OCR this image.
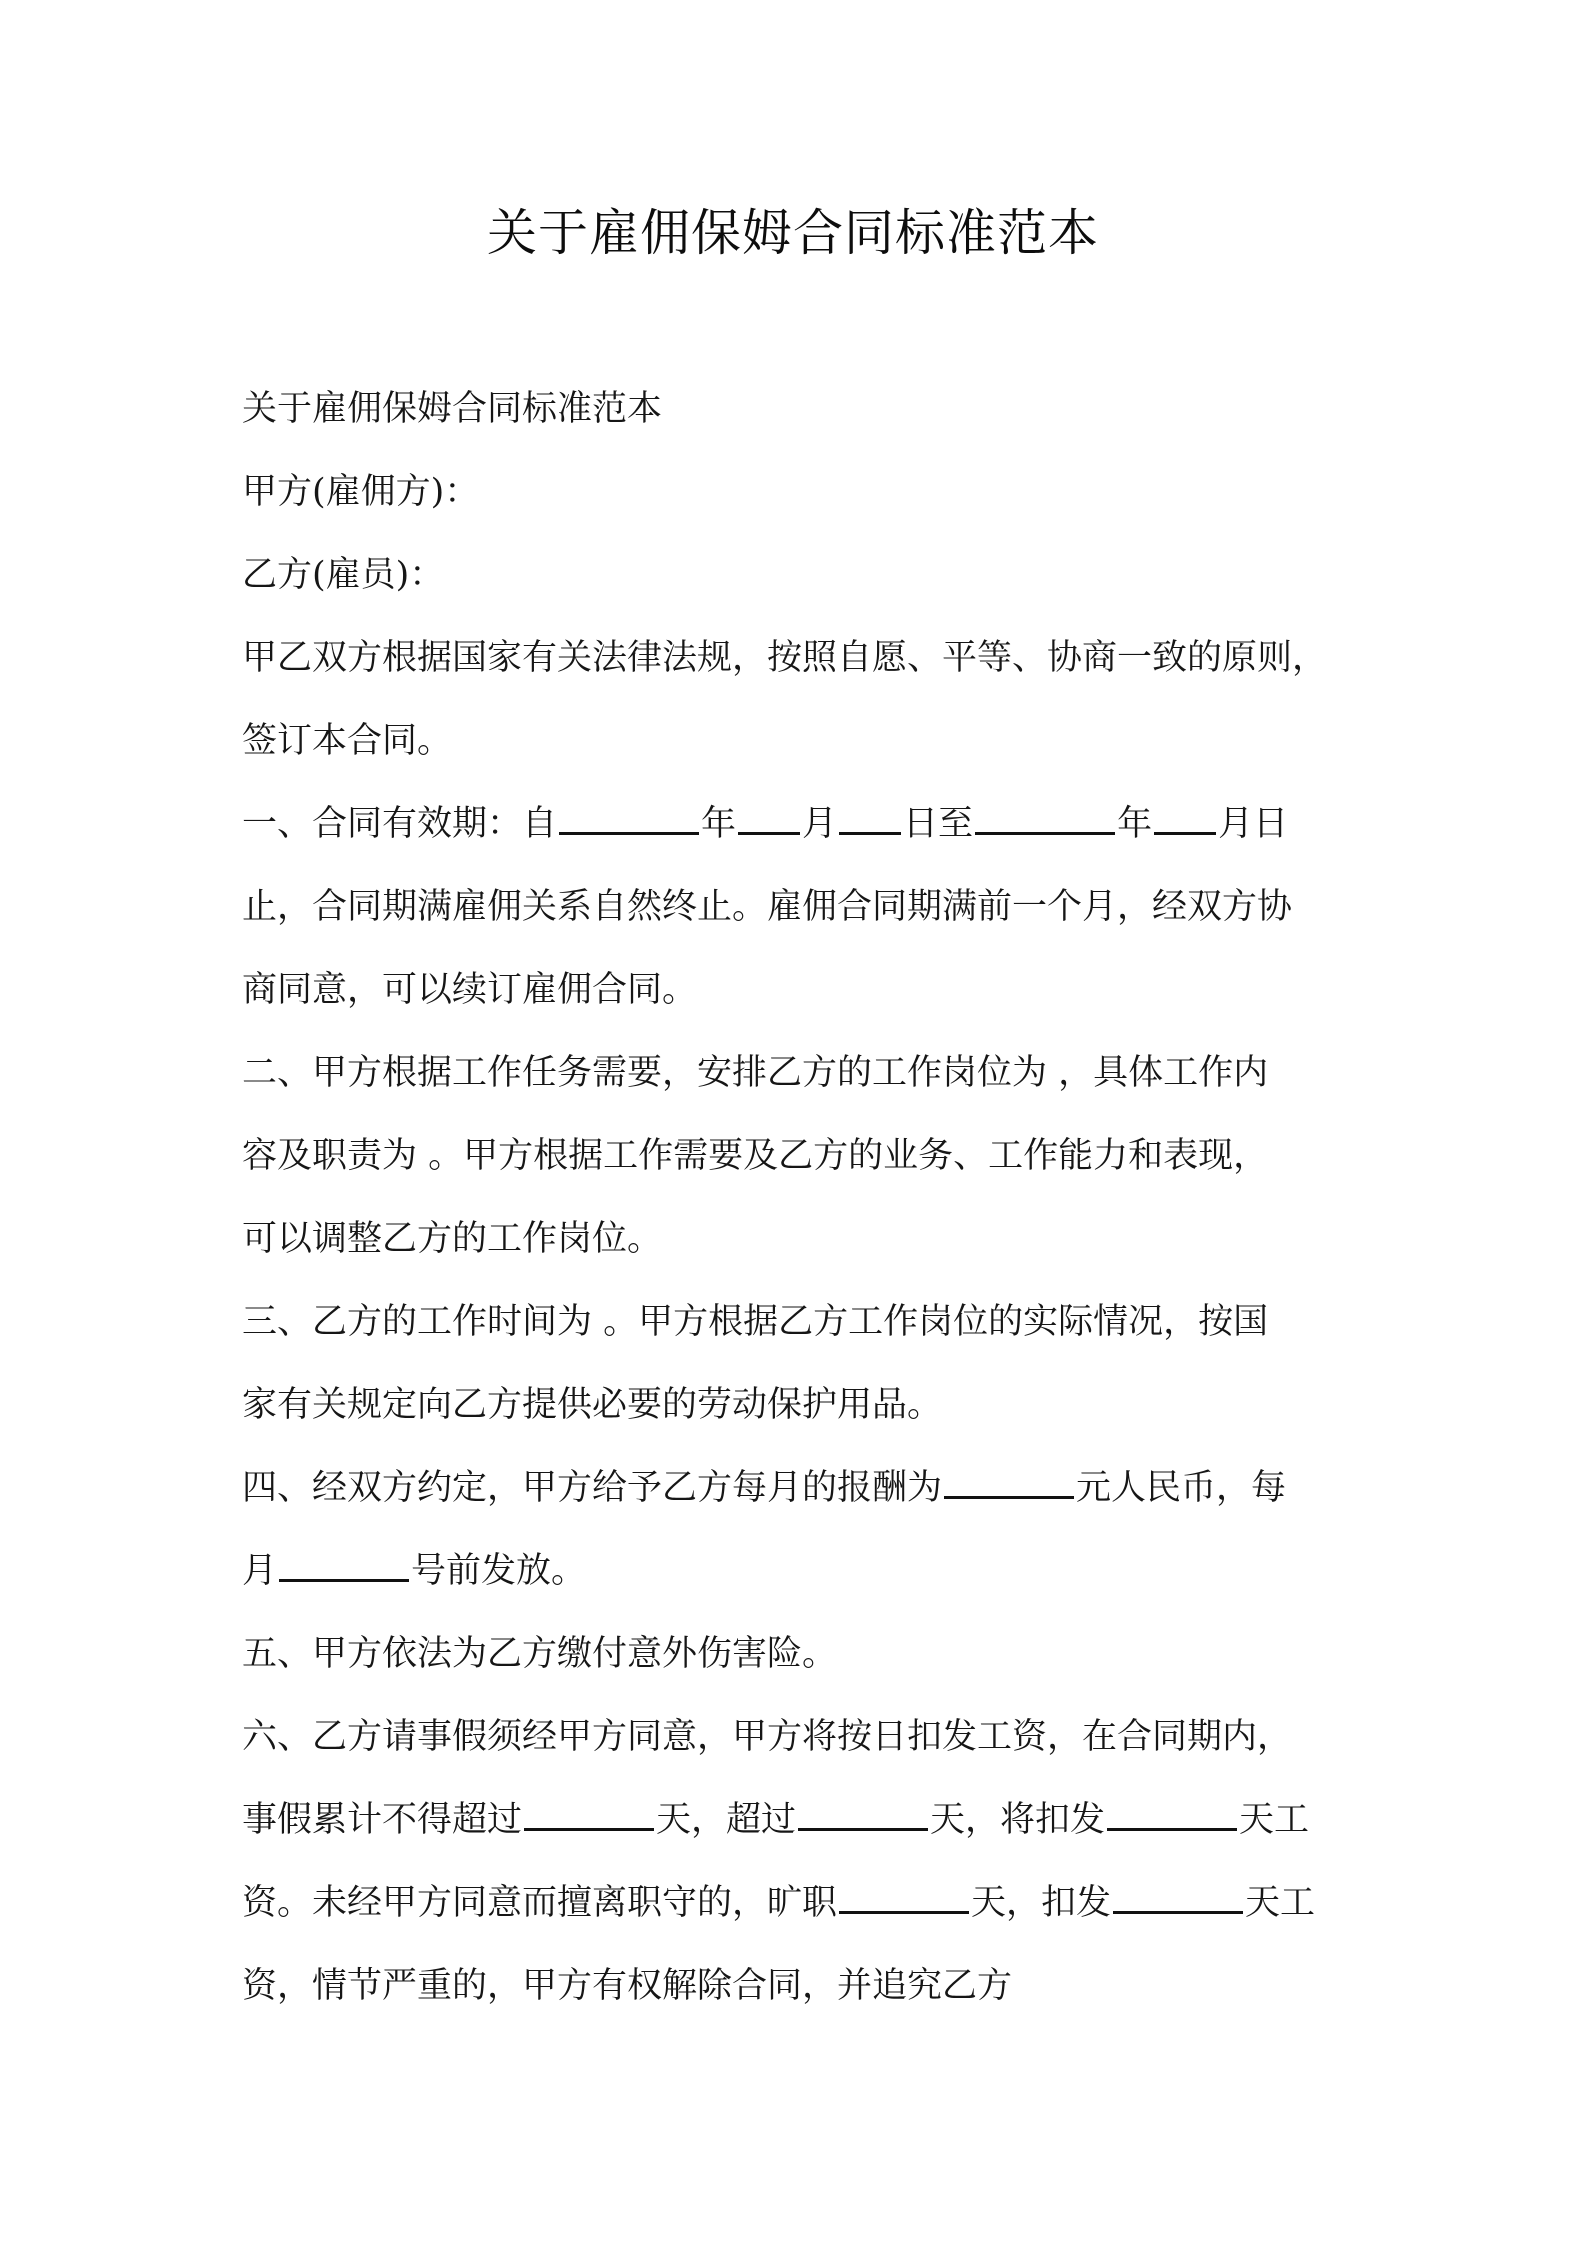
关于雇佣保姆合同标准范本
关于雇佣保姆合同标准范本
甲方(雇佣方)：
乙方(雇员)：
甲乙双方根据国家有关法律法规，按照自愿、平等、协商一致的原则，
签订本合同。
一、合同有效期：自	年 月 日至	年 月日
止，合同期满雇佣关系自然终止。雇佣合同期满前一个月，经双方协
商同意，可以续订雇佣合同。
二、甲方根据工作任务需要，安排乙方的工作岗位为 ，具体工作内
容及职责为 。甲方根据工作需要及乙方的业务、工作能力和表现，
可以调整乙方的工作岗位。
三、乙方的工作时间为 。甲方根据乙方工作岗位的实际情况，按国
家有关规定向乙方提供必要的劳动保护用品。
四、经双方约定，甲方给予乙方每月的报酬为	元人民币，每
月	号前发放。
五、甲方依法为乙方缴付意外伤害险。
六、乙方请事假须经甲方同意，甲方将按日扣发工资，在合同期内，
事假累计不得超过	天，超过	天，将扣发	天工
资。未经甲方同意而擅离职守的，旷职	天，扣发	天工
资，情节严重的，甲方有权解除合同，并追究乙方
